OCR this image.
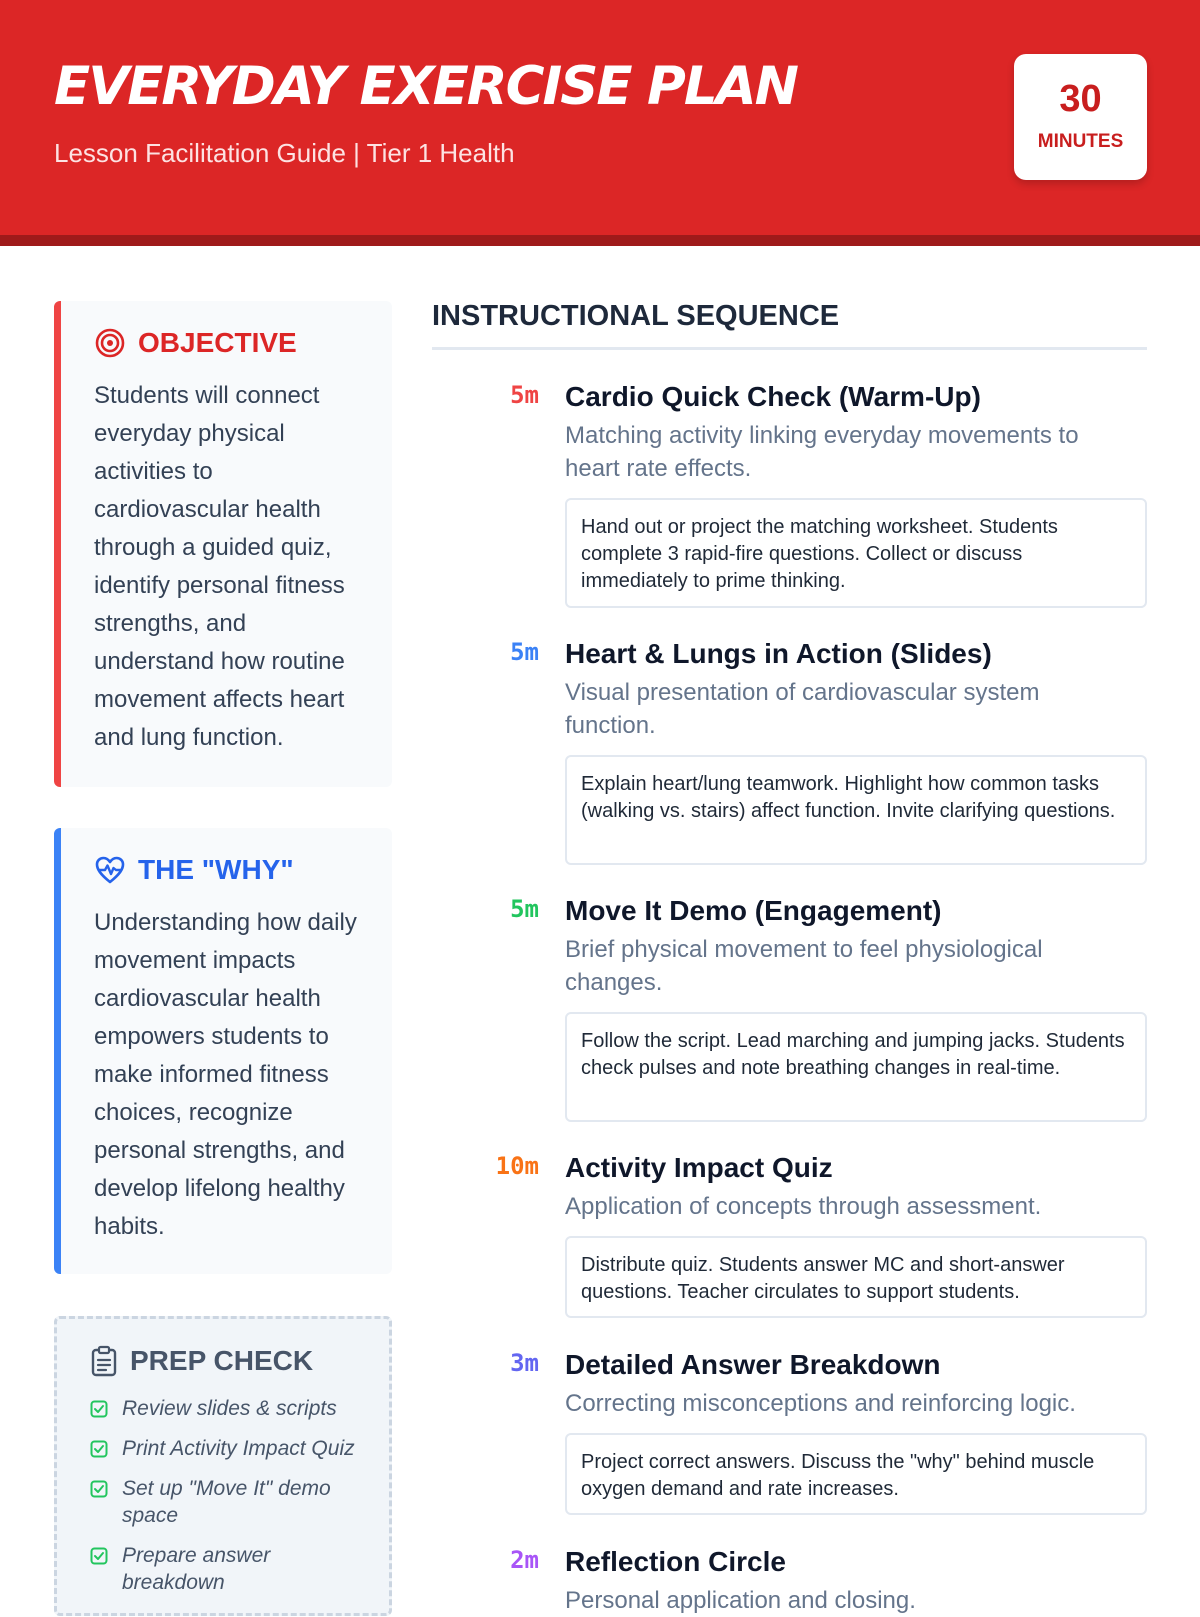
EVERYDAY EXERCISE PLAN
Lesson Facilitation Guide | Tier 1 Health
30
MINUTES
OBJECTIVE

Students will connect everyday physical activities to cardiovascular health through a guided quiz, identify personal fitness strengths, and understand how routine movement affects heart and lung function.

THE "WHY"

Understanding how daily movement impacts cardiovascular health empowers students to make informed fitness choices, recognize personal strengths, and develop lifelong healthy habits.

PREP CHECK
Review slides & scripts
Print Activity Impact Quiz
Set up "Move It" demo space
Prepare answer breakdown
INSTRUCTIONAL SEQUENCE
5m Cardio Quick Check (Warm-Up)

Matching activity linking everyday movements to heart rate effects.

Hand out or project the matching worksheet. Students complete 3 rapid-fire questions. Collect or discuss immediately to prime thinking.
5m Heart & Lungs in Action (Slides)

Visual presentation of cardiovascular system function.

Explain heart/lung teamwork. Highlight how common tasks (walking vs. stairs) affect function. Invite clarifying questions.
5m Move It Demo (Engagement)

Brief physical movement to feel physiological changes.

Follow the script. Lead marching and jumping jacks. Students check pulses and note breathing changes in real-time.
10m Activity Impact Quiz

Application of concepts through assessment.

Distribute quiz. Students answer MC and short-answer questions. Teacher circulates to support students.
3m Detailed Answer Breakdown

Correcting misconceptions and reinforcing logic.

Project correct answers. Discuss the "why" behind muscle oxygen demand and rate increases.
2m Reflection Circle

Personal application and closing.
